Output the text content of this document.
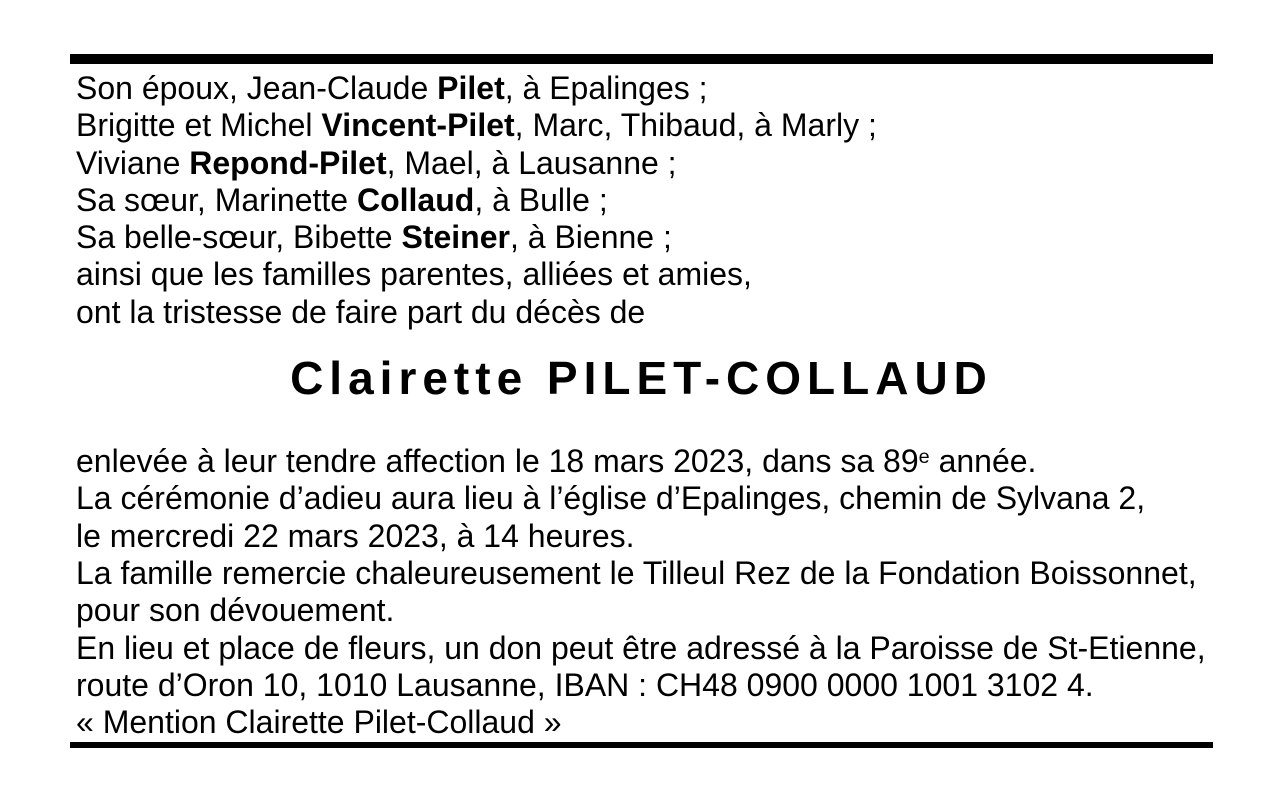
Son époux, Jean-Claude Pilet, à Epalinges ;
Brigitte et Michel Vincent-Pilet, Marc, Thibaud, à Marly ;
Viviane Repond-Pilet, Mael, à Lausanne ;
Sa sœur, Marinette Collaud, à Bulle ;
Sa belle-sœur, Bibette Steiner, à Bienne ;
ainsi que les familles parentes, alliées et amies,
ont la tristesse de faire part du décès de
Clairette PILET-COLLAUD
enlevée à leur tendre affection le 18 mars 2023, dans sa 89e année.
La cérémonie d’adieu aura lieu à l’église d’Epalinges, chemin de Sylvana 2,
le mercredi 22 mars 2023, à 14 heures.
La famille remercie chaleureusement le Tilleul Rez de la Fondation Boissonnet,
pour son dévouement.
En lieu et place de fleurs, un don peut être adressé à la Paroisse de St-Etienne,
route d’Oron 10, 1010 Lausanne, IBAN : CH48 0900 0000 1001 3102 4.
« Mention Clairette Pilet-Collaud »
